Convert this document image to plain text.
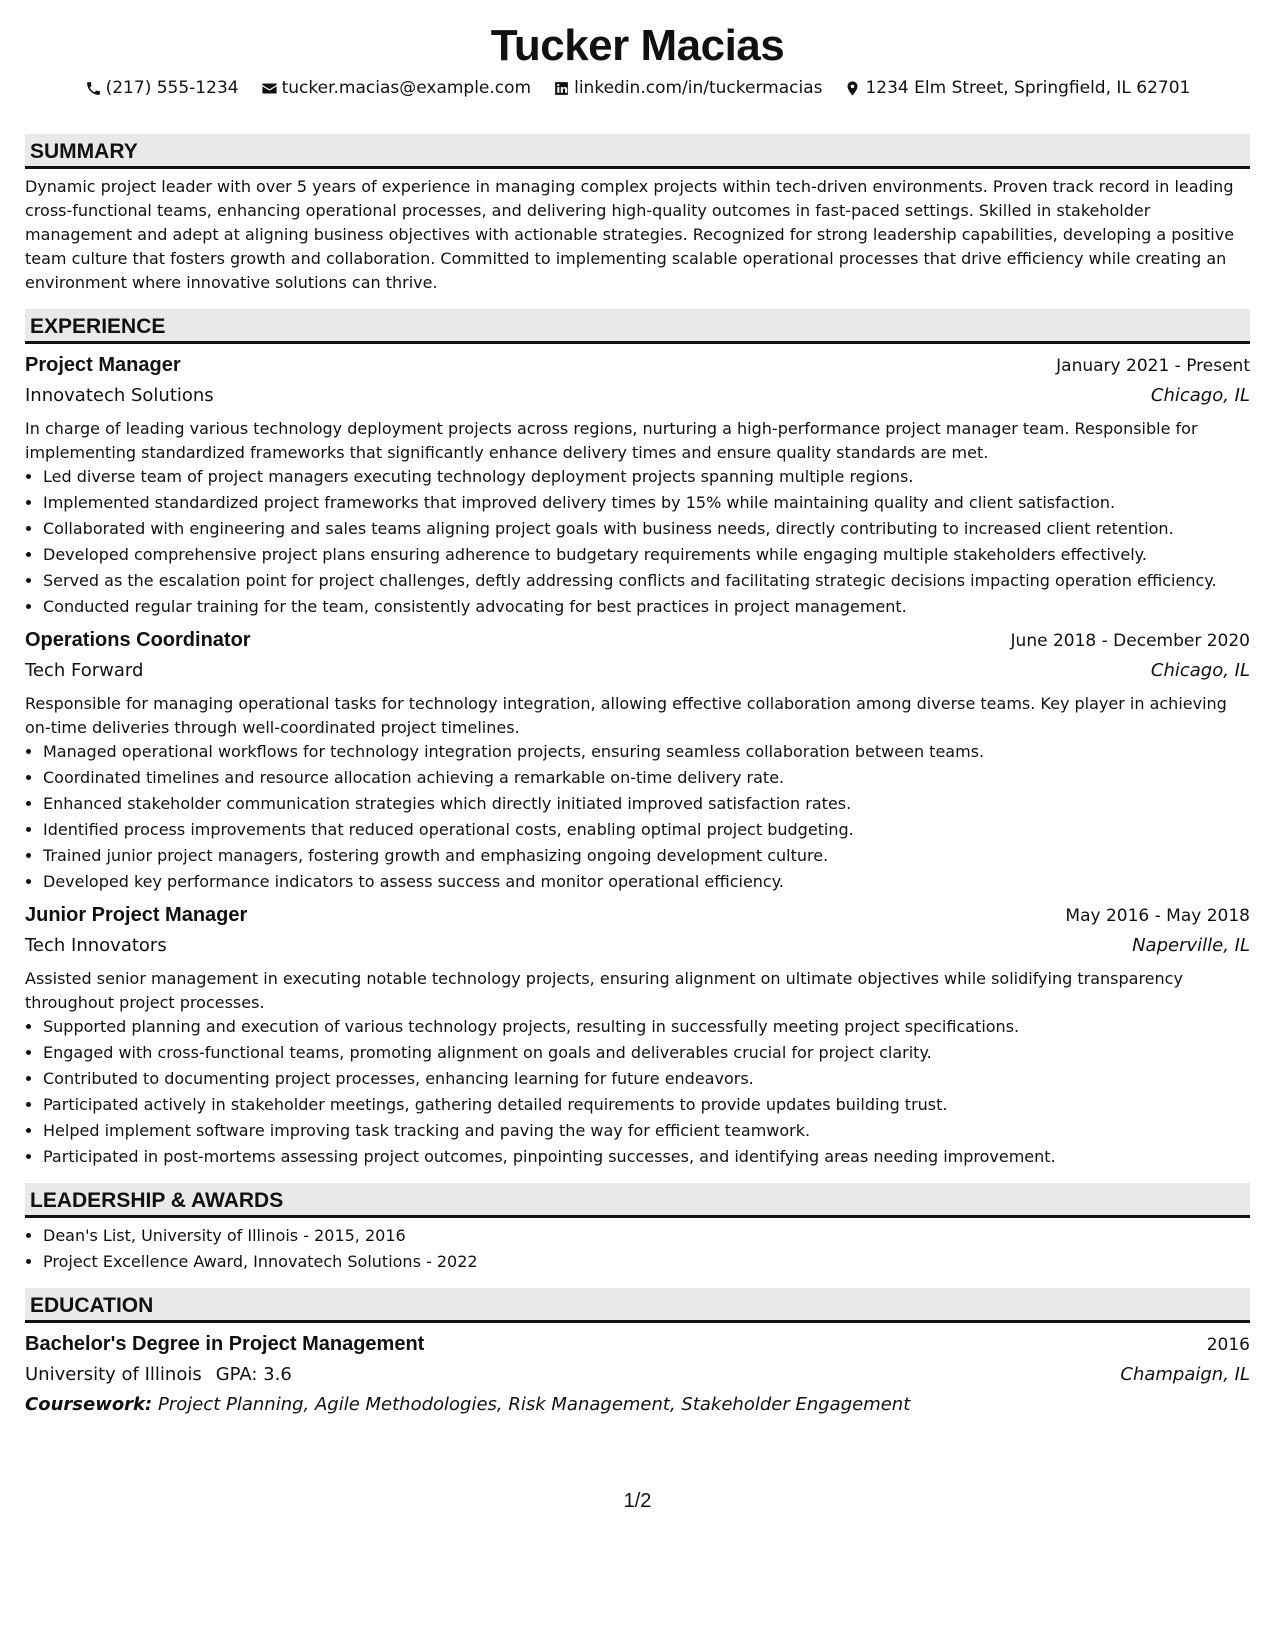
Tucker Macias
(217) 555-1234	tucker.macias@example.com	linkedin.com/in/tuckermacias	1234 Elm Street, Springfield, IL 62701
SUMMARY

Dynamic project leader with over 5 years of experience in managing complex projects within tech-driven environments. Proven track record in leading cross-functional teams, enhancing operational processes, and delivering high-quality outcomes in fast-paced settings. Skilled in stakeholder management and adept at aligning business objectives with actionable strategies. Recognized for strong leadership capabilities, developing a positive team culture that fosters growth and collaboration. Committed to implementing scalable operational processes that drive efficiency while creating an environment where innovative solutions can thrive.

EXPERIENCE
Project Manager	January 2021 - Present
Innovatech Solutions	Chicago, IL

In charge of leading various technology deployment projects across regions, nurturing a high-performance project manager team. Responsible for implementing standardized frameworks that significantly enhance delivery times and ensure quality standards are met.

• Led diverse team of project managers executing technology deployment projects spanning multiple regions.
• Implemented standardized project frameworks that improved delivery times by 15% while maintaining quality and client satisfaction.
• Collaborated with engineering and sales teams aligning project goals with business needs, directly contributing to increased client retention.
• Developed comprehensive project plans ensuring adherence to budgetary requirements while engaging multiple stakeholders effectively.
• Served as the escalation point for project challenges, deftly addressing conflicts and facilitating strategic decisions impacting operation efficiency.
• Conducted regular training for the team, consistently advocating for best practices in project management.
Operations Coordinator	June 2018 - December 2020
Tech Forward	Chicago, IL

Responsible for managing operational tasks for technology integration, allowing effective collaboration among diverse teams. Key player in achieving on-time deliveries through well-coordinated project timelines.

• Managed operational workflows for technology integration projects, ensuring seamless collaboration between teams.
• Coordinated timelines and resource allocation achieving a remarkable on-time delivery rate.
• Enhanced stakeholder communication strategies which directly initiated improved satisfaction rates.
• Identified process improvements that reduced operational costs, enabling optimal project budgeting.
• Trained junior project managers, fostering growth and emphasizing ongoing development culture.
• Developed key performance indicators to assess success and monitor operational efficiency.
Junior Project Manager	May 2016 - May 2018
Tech Innovators	Naperville, IL

Assisted senior management in executing notable technology projects, ensuring alignment on ultimate objectives while solidifying transparency throughout project processes.

• Supported planning and execution of various technology projects, resulting in successfully meeting project specifications.
• Engaged with cross-functional teams, promoting alignment on goals and deliverables crucial for project clarity.
• Contributed to documenting project processes, enhancing learning for future endeavors.
• Participated actively in stakeholder meetings, gathering detailed requirements to provide updates building trust.
• Helped implement software improving task tracking and paving the way for efficient teamwork.
• Participated in post-mortems assessing project outcomes, pinpointing successes, and identifying areas needing improvement.
LEADERSHIP & AWARDS
• Dean's List, University of Illinois - 2015, 2016
• Project Excellence Award, Innovatech Solutions - 2022
EDUCATION
Bachelor's Degree in Project Management	2016
University of Illinois GPA: 3.6	Champaign, IL
Coursework: Project Planning, Agile Methodologies, Risk Management, Stakeholder Engagement
1/2
